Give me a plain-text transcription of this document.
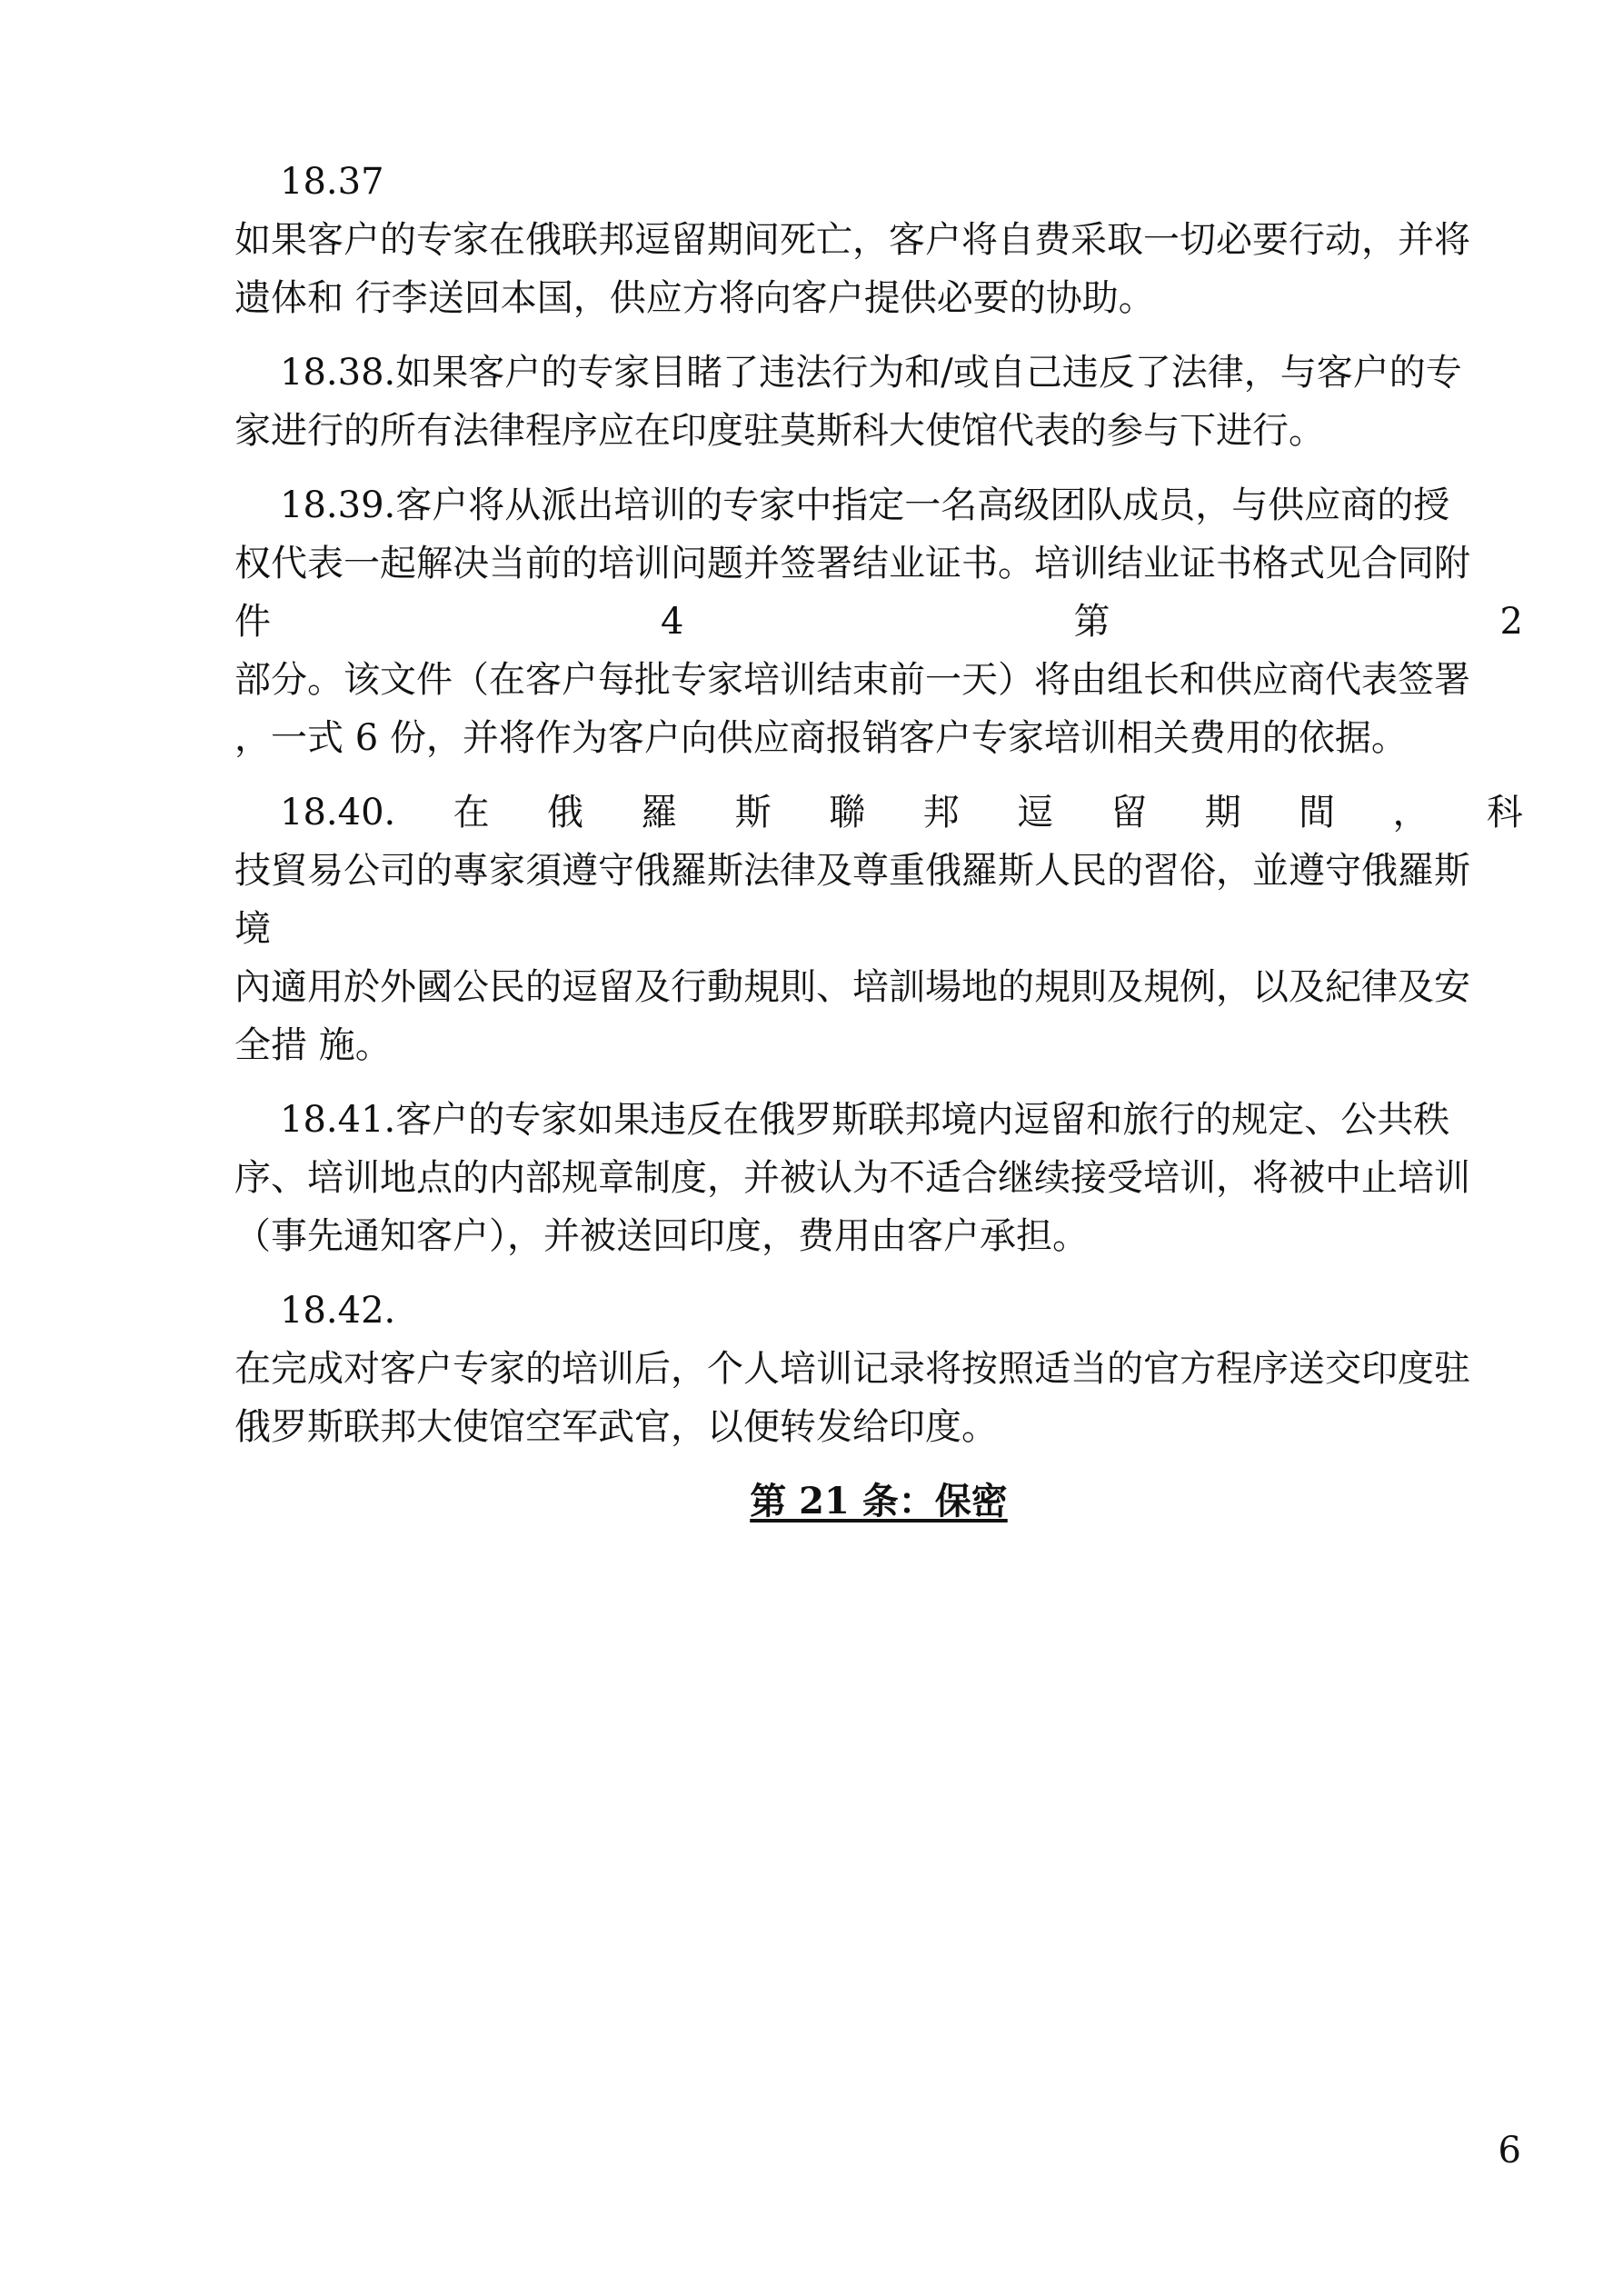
18.37
如果客户的专家在俄联邦逗留期间死亡，客户将自费采取一切必要行动，并将
遗体和 行李送回本国，供应方将向客户提供必要的协助。
18.38.如果客户的专家目睹了违法行为和/或自己违反了法律，与客户的专
家进行的所有法律程序应在印度驻莫斯科大使馆代表的参与下进行。
18.39.客户将从派出培训的专家中指定一名高级团队成员，与供应商的授
权代表一起解决当前的培训问题并签署结业证书。培训结业证书格式见合同附
件	4	第	2
部分。该文件（在客户每批专家培训结束前一天）将由组长和供应商代表签署
，一式 6 份，并将作为客户向供应商报销客户专家培训相关费用的依据。
18.40. 在 俄 羅 斯 聯 邦 逗 留 期 間 ， 科
技貿易公司的專家須遵守俄羅斯法律及尊重俄羅斯人民的習俗，並遵守俄羅斯
境
內適用於外國公民的逗留及行動規則、培訓場地的規則及規例，以及紀律及安
全措 施。
18.41.客户的专家如果违反在俄罗斯联邦境内逗留和旅行的规定、公共秩
序、培训地点的内部规章制度，并被认为不适合继续接受培训，将被中止培训
（事先通知客户），并被送回印度，费用由客户承担。
18.42.
在完成对客户专家的培训后，个人培训记录将按照适当的官方程序送交印度驻
俄罗斯联邦大使馆空军武官，以便转发给印度。
第 21 条：保密
6
